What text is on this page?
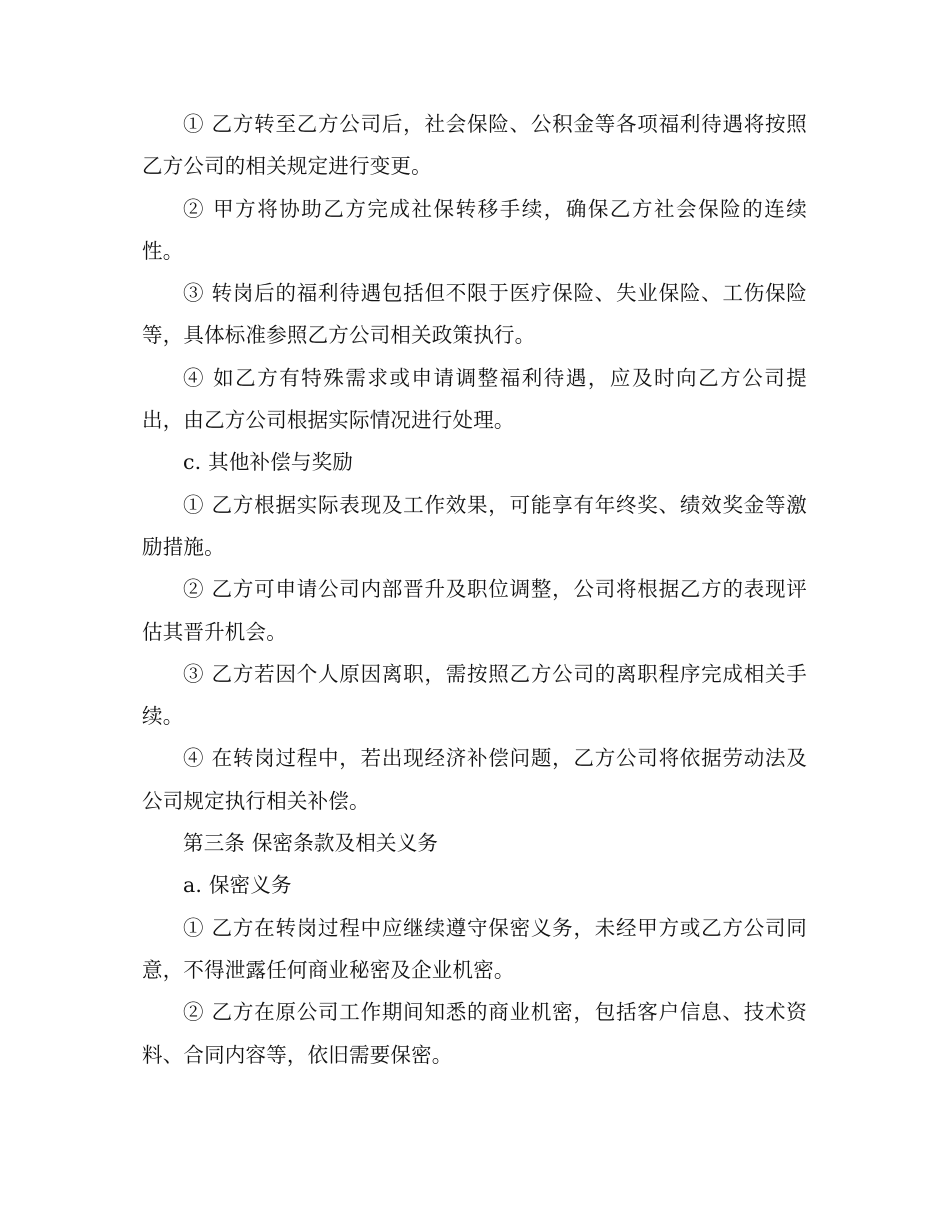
① 乙方转至乙方公司后，社会保险、公积金等各项福利待遇将按照乙方公司的相关规定进行变更。

② 甲方将协助乙方完成社保转移手续，确保乙方社会保险的连续性。

③ 转岗后的福利待遇包括但不限于医疗保险、失业保险、工伤保险等，具体标准参照乙方公司相关政策执行。

④ 如乙方有特殊需求或申请调整福利待遇，应及时向乙方公司提出，由乙方公司根据实际情况进行处理。

c. 其他补偿与奖励

① 乙方根据实际表现及工作效果，可能享有年终奖、绩效奖金等激励措施。

② 乙方可申请公司内部晋升及职位调整，公司将根据乙方的表现评估其晋升机会。

③ 乙方若因个人原因离职，需按照乙方公司的离职程序完成相关手续。

④ 在转岗过程中，若出现经济补偿问题，乙方公司将依据劳动法及公司规定执行相关补偿。

第三条 保密条款及相关义务

a. 保密义务

① 乙方在转岗过程中应继续遵守保密义务，未经甲方或乙方公司同意，不得泄露任何商业秘密及企业机密。

② 乙方在原公司工作期间知悉的商业机密，包括客户信息、技术资料、合同内容等，依旧需要保密。
